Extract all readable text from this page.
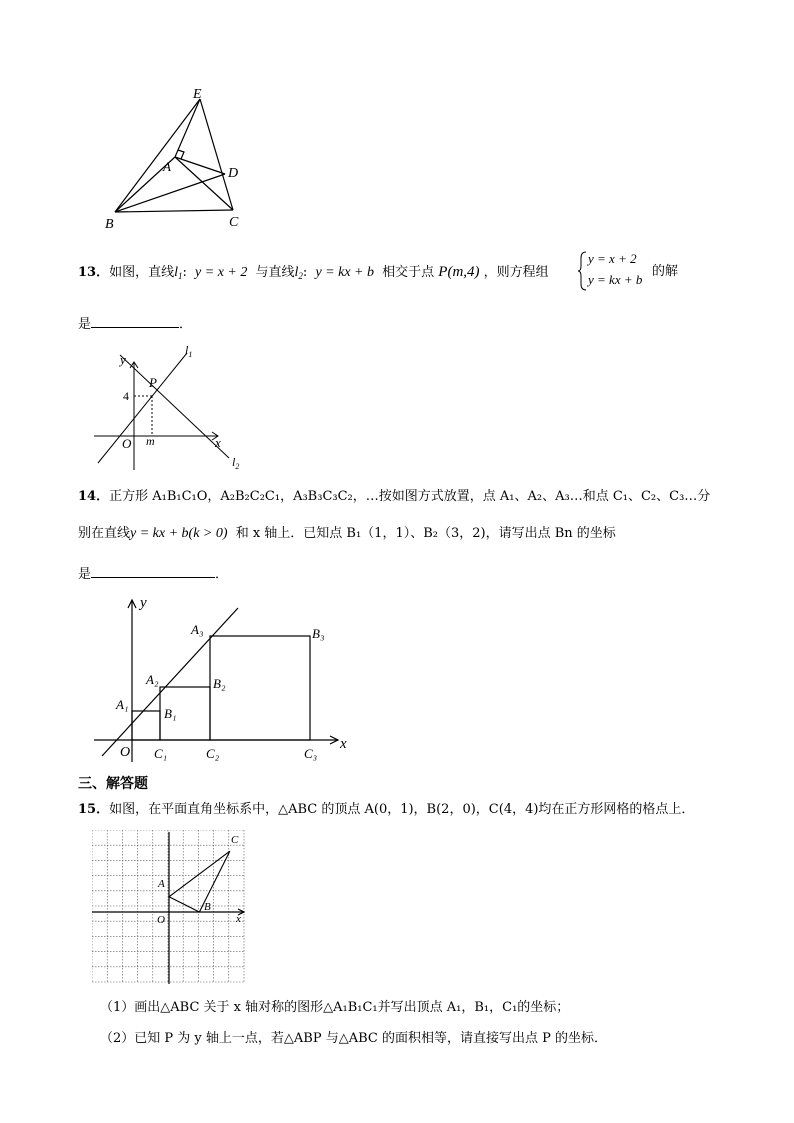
E
A	D
B	C
13．如图，直线$l_1$: y = x + 2 与直线$l_2$: y = kx + b 相交于点 P(m,4) ，则方程组
y = x + 2
y = kx + b
的解
是	．
y
$l_1$
P
4
O m	x
$l_2$
14．正方形 A₁B₁C₁O，A₂B₂C₂C₁，A₃B₃C₃C₂，…按如图方式放置，点 A₁、A₂、A₃…和点 C₁、C₂、C₃…分
别在直线y = kx + b(k > 0) 和 x 轴上．已知点 B₁（1，1）、B₂（3，2)，请写出点 Bn 的坐标
是	．
y
x
O
A₁
A₂
A₃
B₁
B₂
B₃
C₁	C₂	C₃
三、解答题
15．如图，在平面直角坐标系中，△ABC 的顶点 A(0，1)，B(2，0)，C(4，4)均在正方形网格的格点上．
C
A
B
O	x
（1）画出△ABC 关于 x 轴对称的图形△A₁B₁C₁并写出顶点 A₁，B₁，C₁的坐标；
（2）已知 P 为 y 轴上一点，若△ABP 与△ABC 的面积相等，请直接写出点 P 的坐标．
